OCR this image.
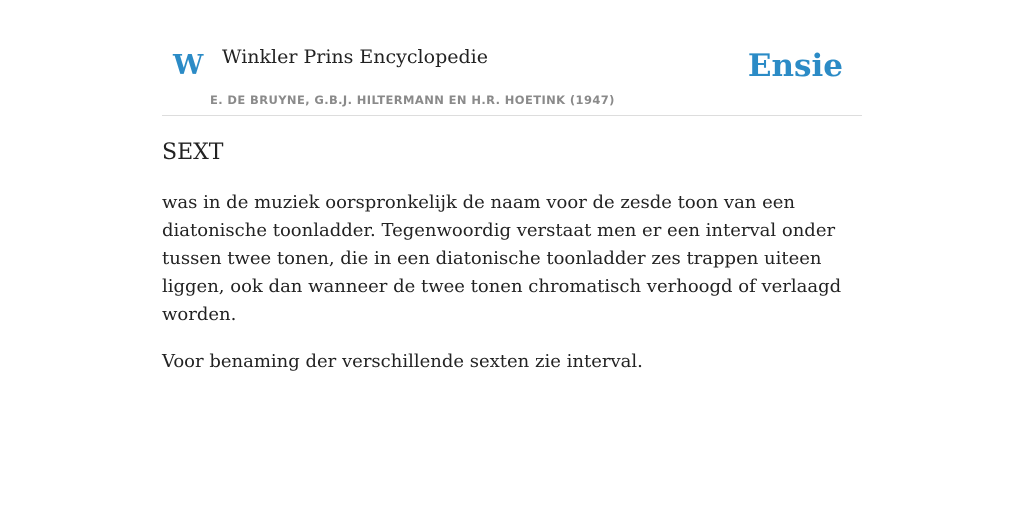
W Winkler Prins Encyclopedie
E. DE BRUYNE, G.B.J. HILTERMANN EN H.R. HOETINK (1947)
Ensie
SEXT

was in de muziek oorspronkelijk de naam voor de zesde toon van een diatonische toonladder. Tegenwoordig verstaat men er een interval onder tussen twee tonen, die in een diatonische toonladder zes trappen uiteen liggen, ook dan wanneer de twee tonen chromatisch verhoogd of verlaagd worden.

Voor benaming der verschillende sexten zie interval.
